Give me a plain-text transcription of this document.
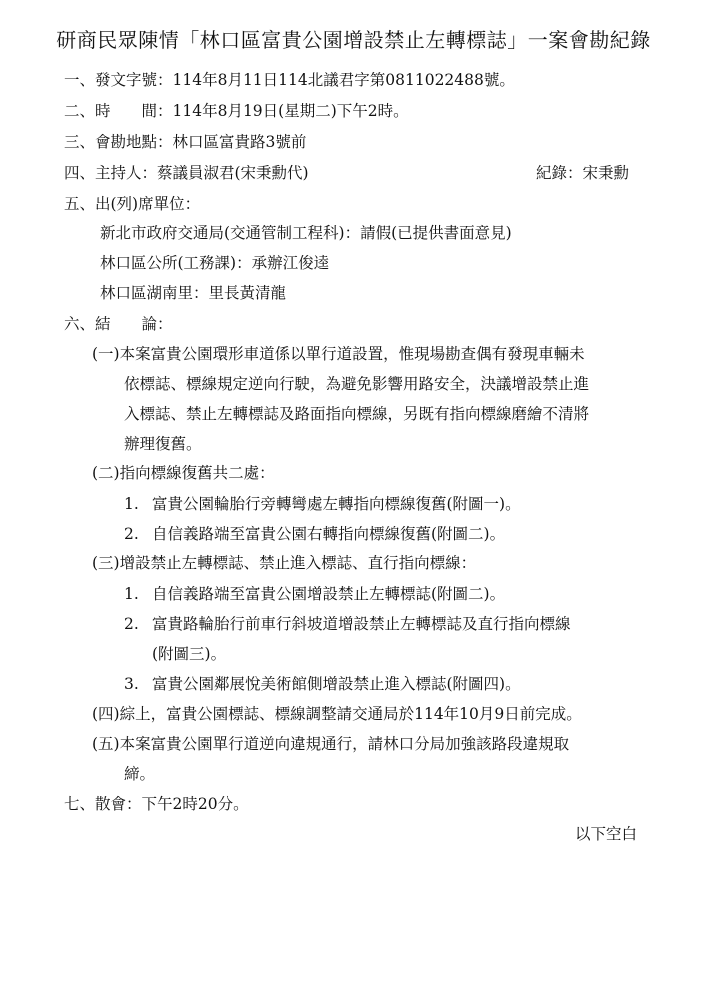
研商民眾陳情「林口區富貴公園增設禁止左轉標誌」一案會勘紀錄
一、發文字號：114年8月11日114北議君字第0811022488號。
二、時　　間：114年8月19日(星期二)下午2時。
三、會勘地點：林口區富貴路3號前
四、主持人：蔡議員淑君(宋秉勳代)	紀錄：宋秉勳
五、出(列)席單位：
新北市政府交通局(交通管制工程科)：請假(已提供書面意見)
林口區公所(工務課)：承辦江俊逵
林口區湖南里：里長黃清龍
六、結　　論：
(一)本案富貴公園環形車道係以單行道設置，惟現場勘查偶有發現車輛未
依標誌、標線規定逆向行駛，為避免影響用路安全，決議增設禁止進
入標誌、禁止左轉標誌及路面指向標線，另既有指向標線磨繪不清將
辦理復舊。
(二)指向標線復舊共二處：
1. 富貴公園輪胎行旁轉彎處左轉指向標線復舊(附圖一)。
2. 自信義路端至富貴公園右轉指向標線復舊(附圖二)。
(三)增設禁止左轉標誌、禁止進入標誌、直行指向標線：
1. 自信義路端至富貴公園增設禁止左轉標誌(附圖二)。
2. 富貴路輪胎行前車行斜坡道增設禁止左轉標誌及直行指向標線
(附圖三)。
3. 富貴公園鄰展悅美術館側增設禁止進入標誌(附圖四)。
(四)綜上，富貴公園標誌、標線調整請交通局於114年10月9日前完成。
(五)本案富貴公園單行道逆向違規通行，請林口分局加強該路段違規取
締。
七、散會：下午2時20分。
以下空白
